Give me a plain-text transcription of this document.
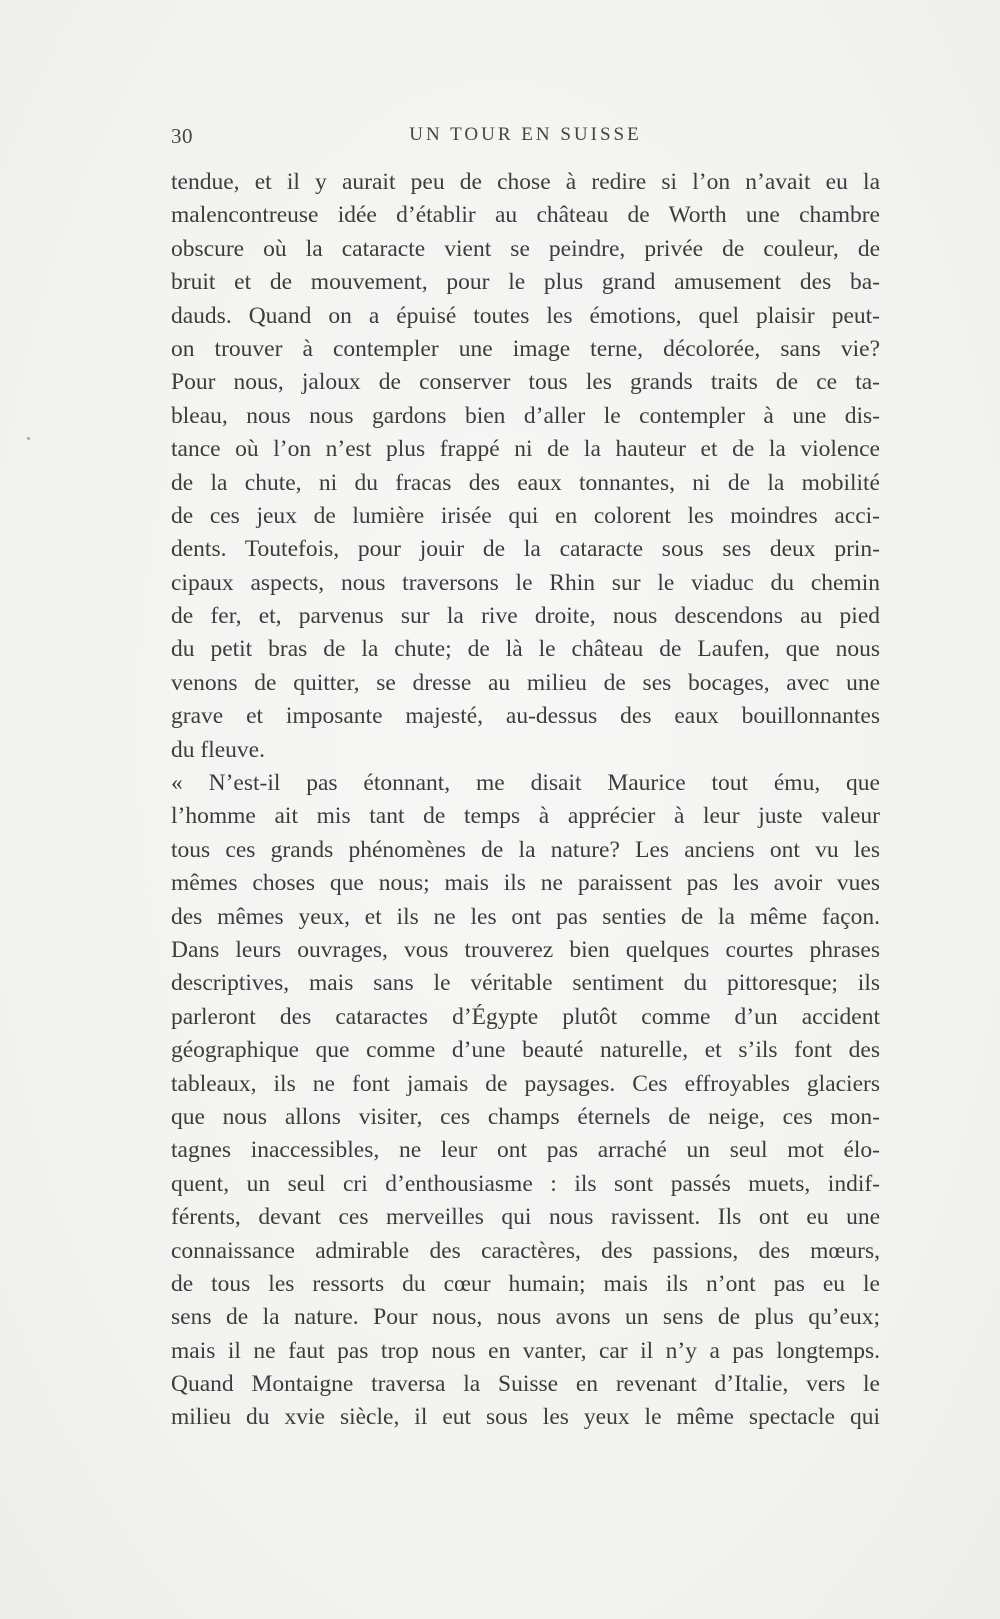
30	UN TOUR EN SUISSE
tendue, et il y aurait peu de chose à redire si l’on n’avait eu la
malencontreuse idée d’établir au château de Worth une chambre
obscure où la cataracte vient se peindre, privée de couleur, de
bruit et de mouvement, pour le plus grand amusement des ba-
dauds. Quand on a épuisé toutes les émotions, quel plaisir peut-
on trouver à contempler une image terne, décolorée, sans vie?
Pour nous, jaloux de conserver tous les grands traits de ce ta-
bleau, nous nous gardons bien d’aller le contempler à une dis-
tance où l’on n’est plus frappé ni de la hauteur et de la violence
de la chute, ni du fracas des eaux tonnantes, ni de la mobilité
de ces jeux de lumière irisée qui en colorent les moindres acci-
dents. Toutefois, pour jouir de la cataracte sous ses deux prin-
cipaux aspects, nous traversons le Rhin sur le viaduc du chemin
de fer, et, parvenus sur la rive droite, nous descendons au pied
du petit bras de la chute; de là le château de Laufen, que nous
venons de quitter, se dresse au milieu de ses bocages, avec une
grave et imposante majesté, au-dessus des eaux bouillonnantes
du fleuve.
« N’est-il pas étonnant, me disait Maurice tout ému, que
l’homme ait mis tant de temps à apprécier à leur juste valeur
tous ces grands phénomènes de la nature? Les anciens ont vu les
mêmes choses que nous; mais ils ne paraissent pas les avoir vues
des mêmes yeux, et ils ne les ont pas senties de la même façon.
Dans leurs ouvrages, vous trouverez bien quelques courtes phrases
descriptives, mais sans le véritable sentiment du pittoresque; ils
parleront des cataractes d’Égypte plutôt comme d’un accident
géographique que comme d’une beauté naturelle, et s’ils font des
tableaux, ils ne font jamais de paysages. Ces effroyables glaciers
que nous allons visiter, ces champs éternels de neige, ces mon-
tagnes inaccessibles, ne leur ont pas arraché un seul mot élo-
quent, un seul cri d’enthousiasme : ils sont passés muets, indif-
férents, devant ces merveilles qui nous ravissent. Ils ont eu une
connaissance admirable des caractères, des passions, des mœurs,
de tous les ressorts du cœur humain; mais ils n’ont pas eu le
sens de la nature. Pour nous, nous avons un sens de plus qu’eux;
mais il ne faut pas trop nous en vanter, car il n’y a pas longtemps.
Quand Montaigne traversa la Suisse en revenant d’Italie, vers le
milieu du xvie siècle, il eut sous les yeux le même spectacle qui
